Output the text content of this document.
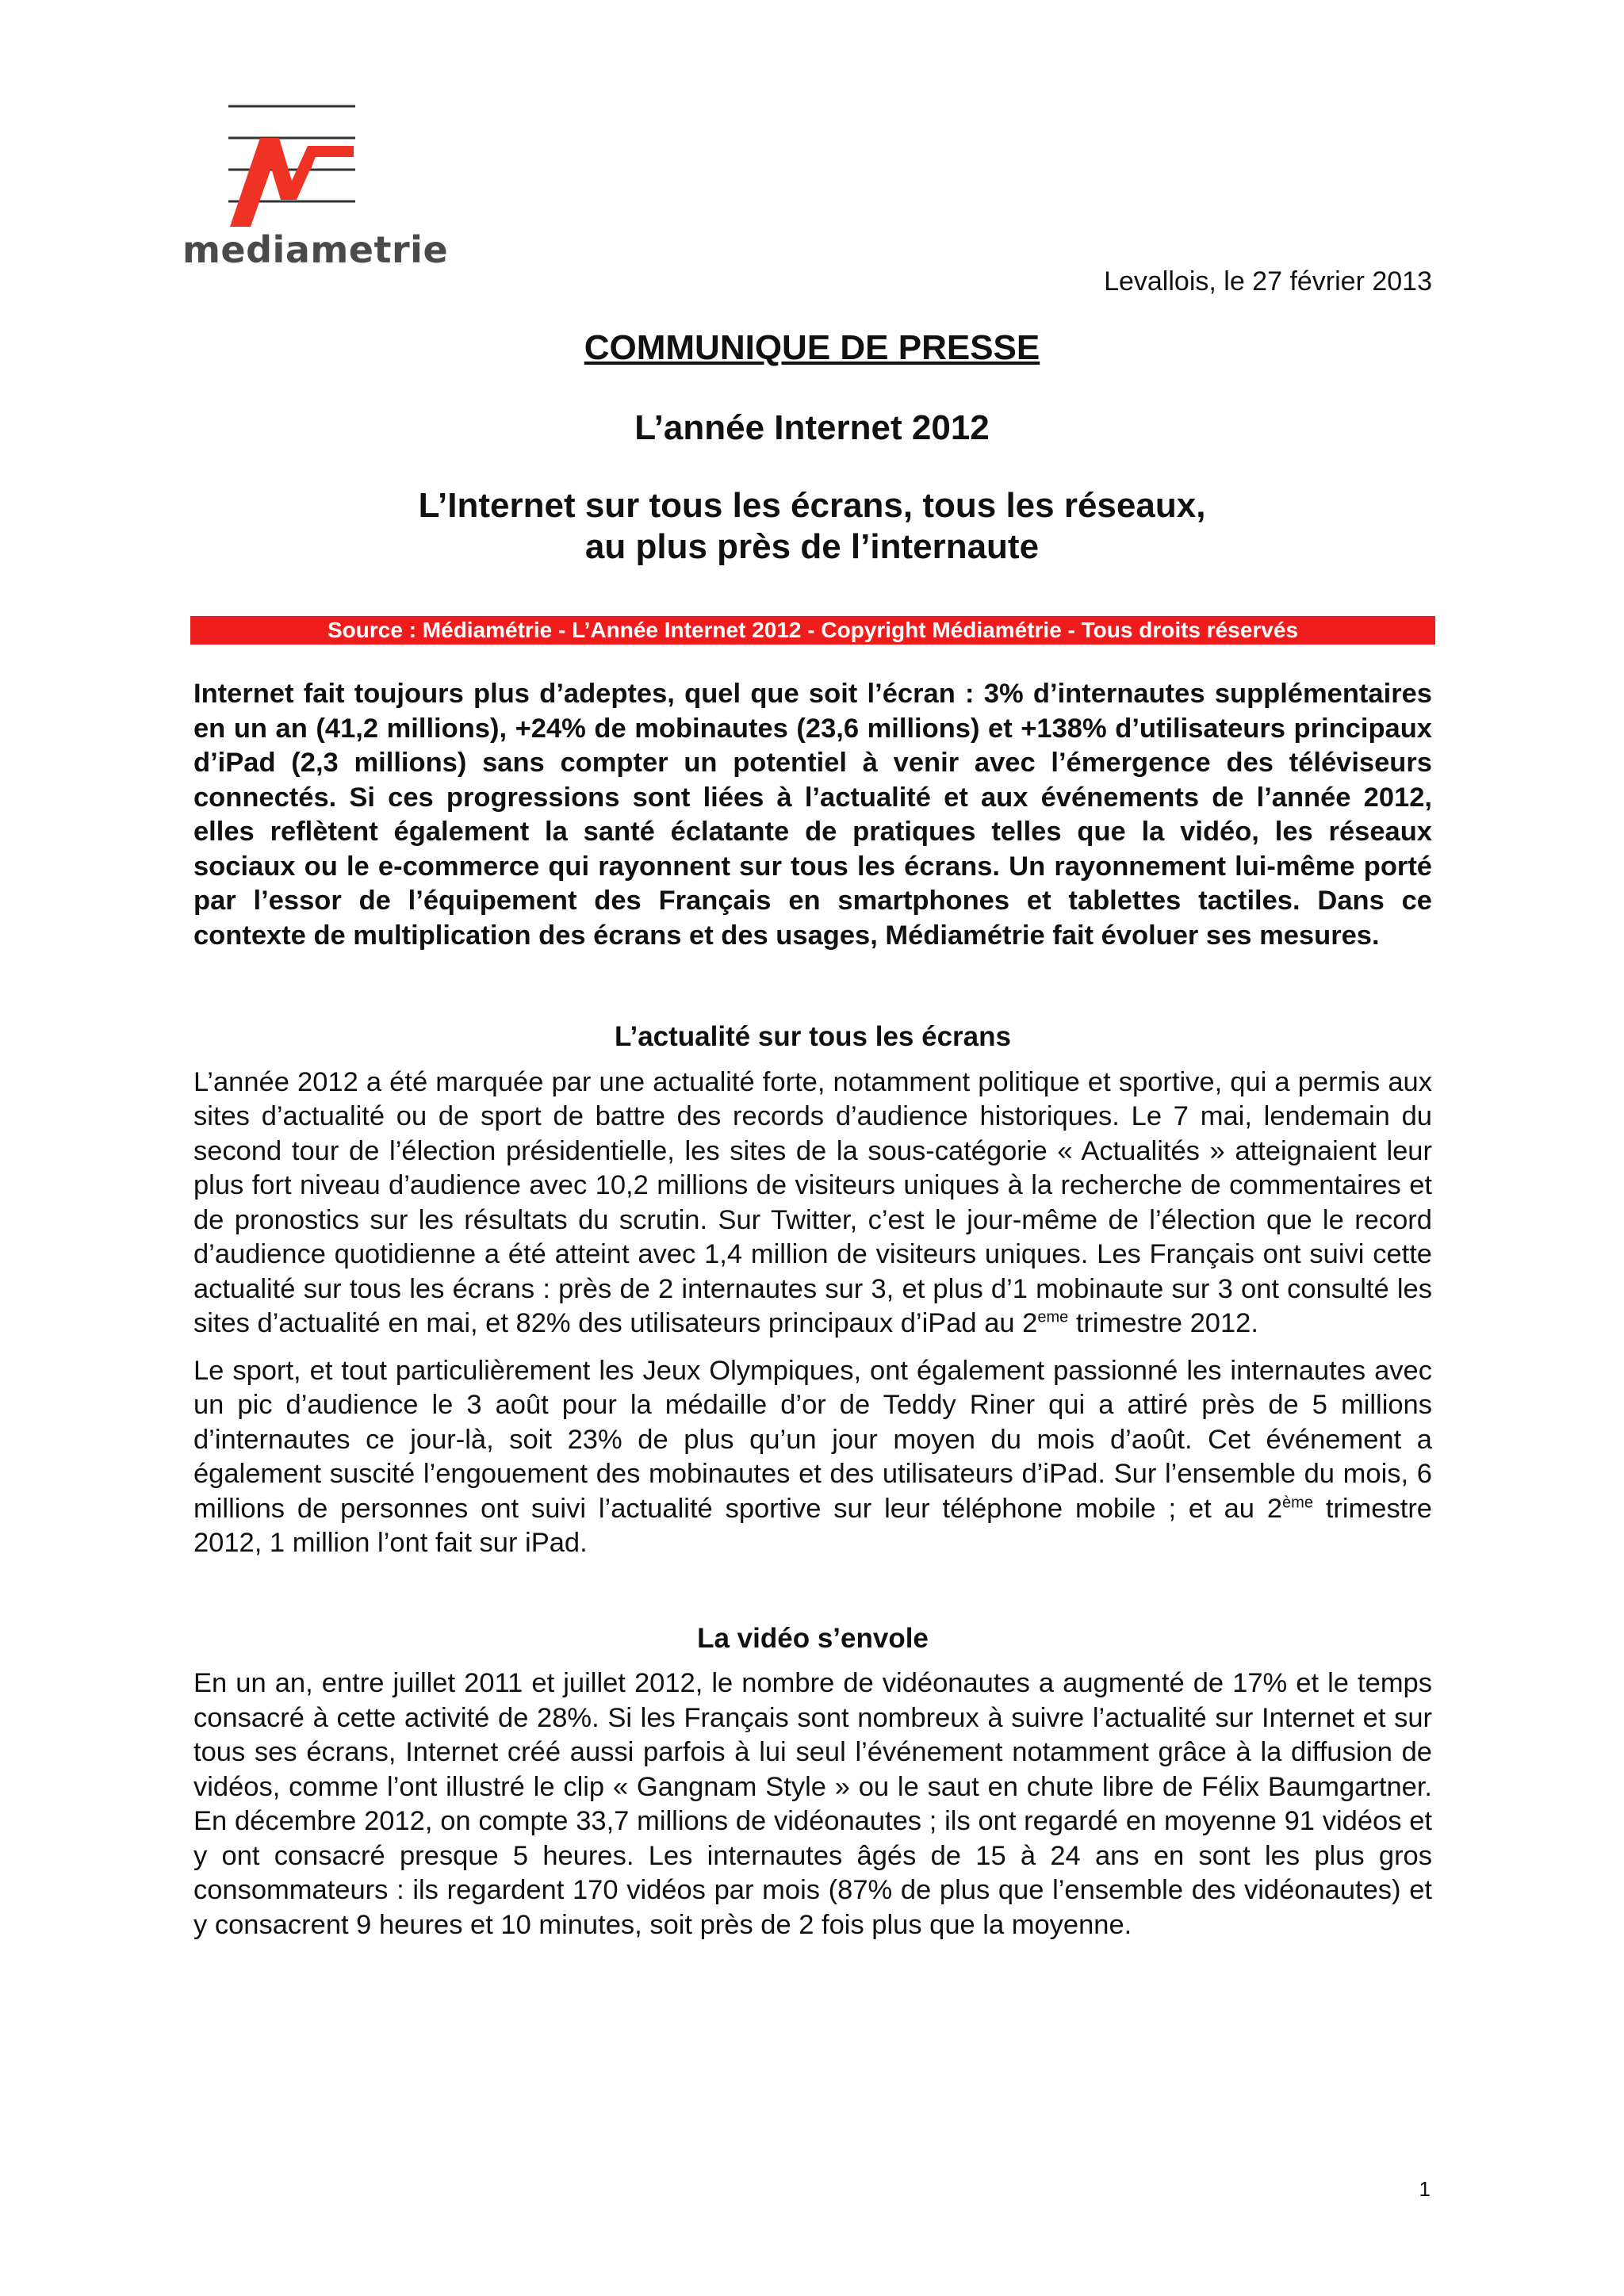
mediametrie
Levallois, le 27 février 2013
COMMUNIQUE DE PRESSE
L’année Internet 2012
L’Internet sur tous les écrans, tous les réseaux,
au plus près de l’internaute
Source : Médiamétrie - L’Année Internet 2012 - Copyright Médiamétrie - Tous droits réservés

Internet fait toujours plus d’adeptes, quel que soit l’écran : 3% d’internautes supplémentaires en un an (41,2 millions), +24% de mobinautes (23,6 millions) et +138% d’utilisateurs principaux d’iPad (2,3 millions) sans compter un potentiel à venir avec l’émergence des téléviseurs connectés. Si ces progressions sont liées à l’actualité et aux événements de l’année 2012, elles reflètent également la santé éclatante de pratiques telles que la vidéo, les réseaux sociaux ou le e-commerce qui rayonnent sur tous les écrans. Un rayonnement lui-même porté par l’essor de l’équipement des Français en smartphones et tablettes tactiles. Dans ce contexte de multiplication des écrans et des usages, Médiamétrie fait évoluer ses mesures.

L’actualité sur tous les écrans

L’année 2012 a été marquée par une actualité forte, notamment politique et sportive, qui a permis aux sites d’actualité ou de sport de battre des records d’audience historiques. Le 7 mai, lendemain du second tour de l’élection présidentielle, les sites de la sous-catégorie « Actualités » atteignaient leur plus fort niveau d’audience avec 10,2 millions de visiteurs uniques à la recherche de commentaires et de pronostics sur les résultats du scrutin. Sur Twitter, c’est le jour-même de l’élection que le record d’audience quotidienne a été atteint avec 1,4 million de visiteurs uniques. Les Français ont suivi cette actualité sur tous les écrans : près de 2 internautes sur 3, et plus d’1 mobinaute sur 3 ont consulté les sites d’actualité en mai, et 82% des utilisateurs principaux d’iPad au 2eme trimestre 2012.

Le sport, et tout particulièrement les Jeux Olympiques, ont également passionné les internautes avec un pic d’audience le 3 août pour la médaille d’or de Teddy Riner qui a attiré près de 5 millions d’internautes ce jour-là, soit 23% de plus qu’un jour moyen du mois d’août. Cet événement a également suscité l’engouement des mobinautes et des utilisateurs d’iPad. Sur l’ensemble du mois, 6 millions de personnes ont suivi l’actualité sportive sur leur téléphone mobile ; et au 2ème trimestre 2012, 1 million l’ont fait sur iPad.

La vidéo s’envole

En un an, entre juillet 2011 et juillet 2012, le nombre de vidéonautes a augmenté de 17% et le temps consacré à cette activité de 28%. Si les Français sont nombreux à suivre l’actualité sur Internet et sur tous ses écrans, Internet créé aussi parfois à lui seul l’événement notamment grâce à la diffusion de vidéos, comme l’ont illustré le clip « Gangnam Style » ou le saut en chute libre de Félix Baumgartner. En décembre 2012, on compte 33,7 millions de vidéonautes ; ils ont regardé en moyenne 91 vidéos et y ont consacré presque 5 heures. Les internautes âgés de 15 à 24 ans en sont les plus gros consommateurs : ils regardent 170 vidéos par mois (87% de plus que l’ensemble des vidéonautes) et y consacrent 9 heures et 10 minutes, soit près de 2 fois plus que la moyenne.

1
